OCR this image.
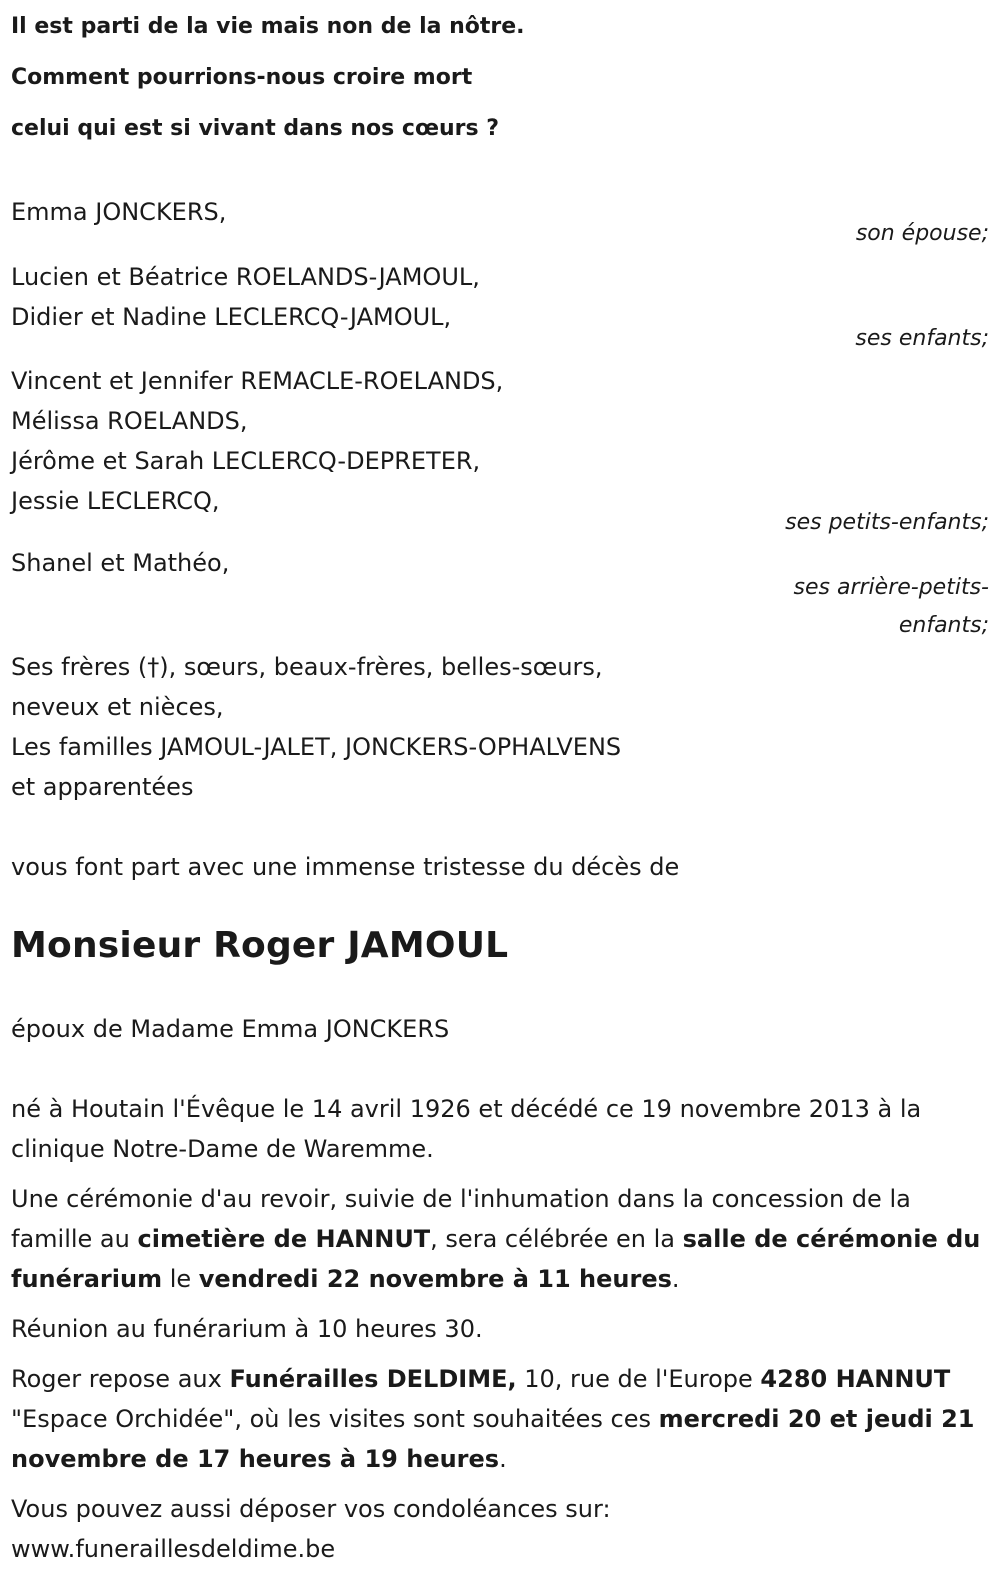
Il est parti de la vie mais non de la nôtre.
Comment pourrions-nous croire mort
celui qui est si vivant dans nos cœurs ?
Emma JONCKERS,
son épouse;
Lucien et Béatrice ROELANDS-JAMOUL,
Didier et Nadine LECLERCQ-JAMOUL,
ses enfants;
Vincent et Jennifer REMACLE-ROELANDS,
Mélissa ROELANDS,
Jérôme et Sarah LECLERCQ-DEPRETER,
Jessie LECLERCQ,
ses petits-enfants;
Shanel et Mathéo,
ses arrière-petits-
enfants;
Ses frères (†), sœurs, beaux-frères, belles-sœurs,
neveux et nièces,
Les familles JAMOUL-JALET, JONCKERS-OPHALVENS
et apparentées
vous font part avec une immense tristesse du décès de
Monsieur Roger JAMOUL
époux de Madame Emma JONCKERS
né à Houtain l'Évêque le 14 avril 1926 et décédé ce 19 novembre 2013 à la clinique Notre-Dame de Waremme.
Une cérémonie d'au revoir, suivie de l'inhumation dans la concession de la famille au cimetière de HANNUT, sera célébrée en la salle de cérémonie du funérarium le vendredi 22 novembre à 11 heures.
Réunion au funérarium à 10 heures 30.
Roger repose aux Funérailles DELDIME, 10, rue de l'Europe 4280 HANNUT "Espace Orchidée", où les visites sont souhaitées ces mercredi 20 et jeudi 21 novembre de 17 heures à 19 heures.
Vous pouvez aussi déposer vos condoléances sur:
www.funeraillesdeldime.be
